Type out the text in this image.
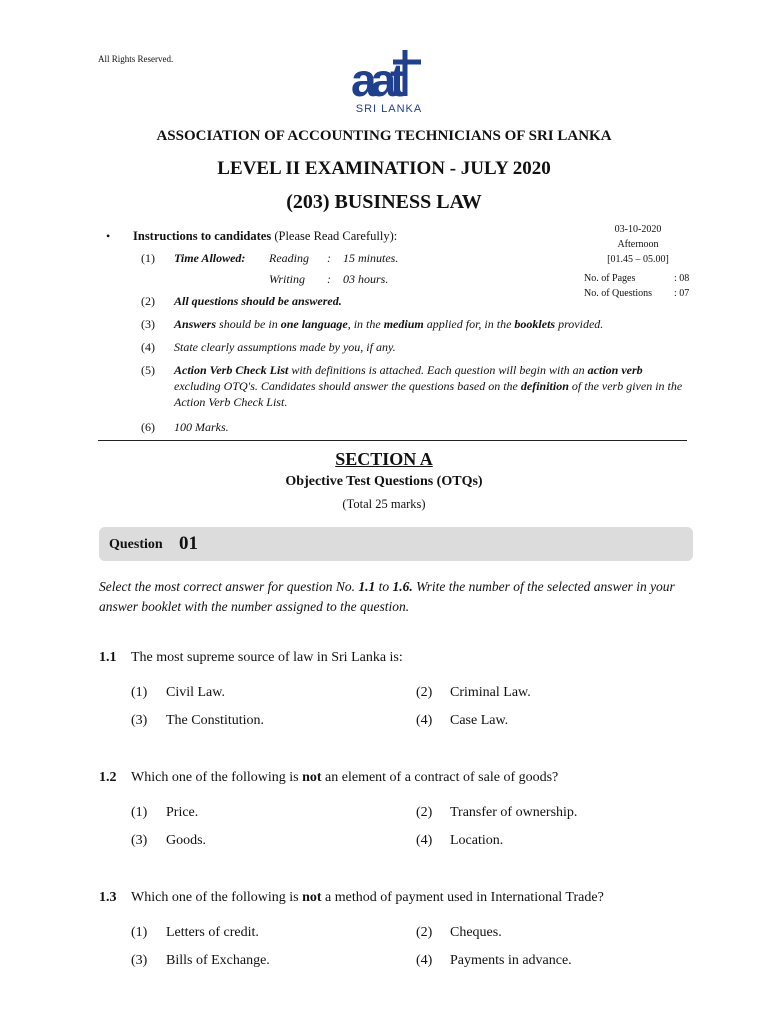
All Rights Reserved.	aat
SRI LANKA
ASSOCIATION OF ACCOUNTING TECHNICIANS OF SRI LANKA
LEVEL II EXAMINATION - JULY 2020
(203) BUSINESS LAW
03-10-2020
Afternoon
[01.45 – 05.00]
No. of Pages	: 08
No. of Questions : 07
• Instructions to candidates (Please Read Carefully):
(1) Time Allowed: Reading : 15 minutes.
Writing : 03 hours.
(2) All questions should be answered.
(3) Answers should be in one language, in the medium applied for, in the booklets provided.
(4) State clearly assumptions made by you, if any.
(5) Action Verb Check List with definitions is attached. Each question will begin with an action verb excluding OTQ's. Candidates should answer the questions based on the definition of the verb given in the Action Verb Check List.
(6) 100 Marks.
SECTION A
Objective Test Questions (OTQs)
(Total 25 marks)
Question 01
Select the most correct answer for question No. 1.1 to 1.6. Write the number of the selected answer in your answer booklet with the number assigned to the question.
1.1 The most supreme source of law in Sri Lanka is:
(1) Civil Law.	(2) Criminal Law.
(3) The Constitution.	(4) Case Law.
1.2 Which one of the following is not an element of a contract of sale of goods?
(1) Price.	(2) Transfer of ownership.
(3) Goods.	(4) Location.
1.3 Which one of the following is not a method of payment used in International Trade?
(1) Letters of credit.	(2) Cheques.
(3) Bills of Exchange.	(4) Payments in advance.
